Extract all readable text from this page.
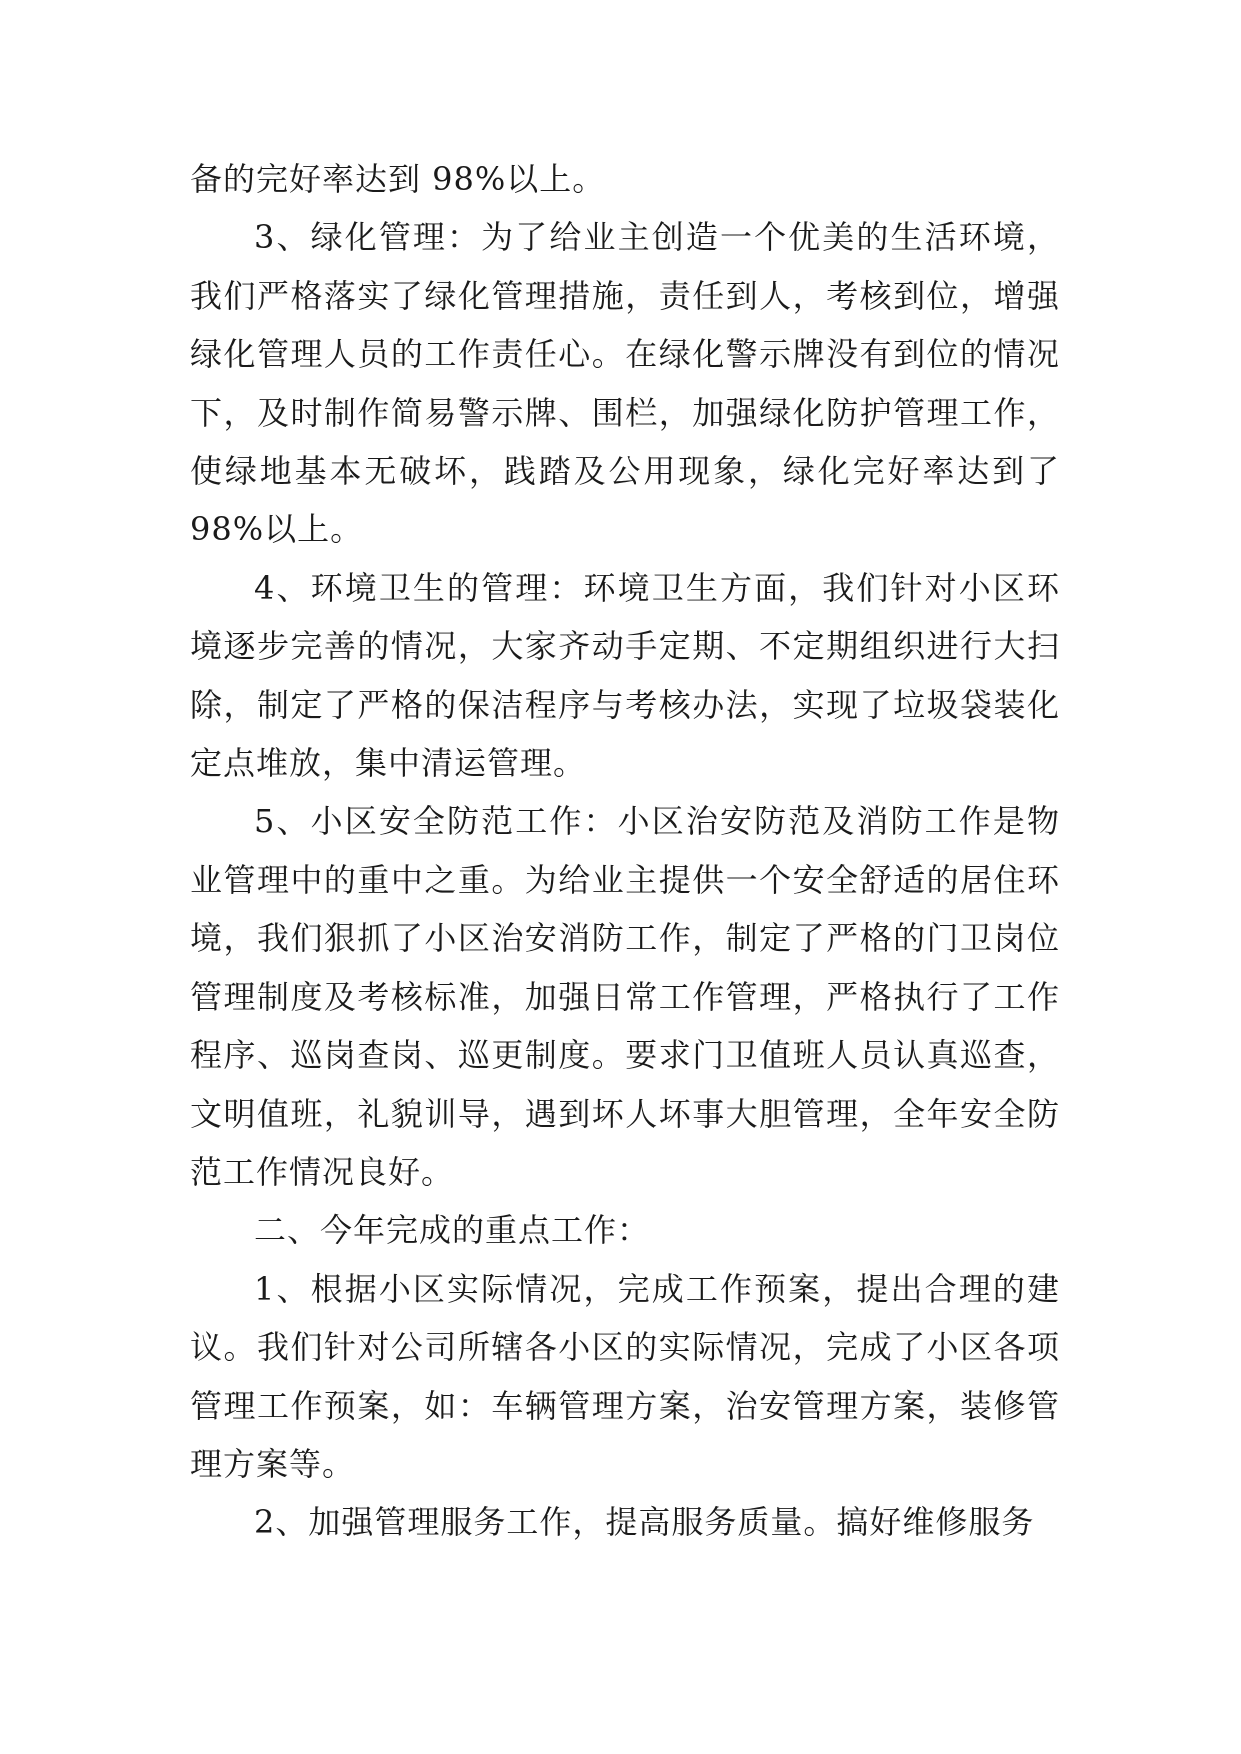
备的完好率达到 98%以上。

3、绿化管理：为了给业主创造一个优美的生活环境，我们严格落实了绿化管理措施，责任到人，考核到位，增强绿化管理人员的工作责任心。在绿化警示牌没有到位的情况下，及时制作简易警示牌、围栏，加强绿化防护管理工作，使绿地基本无破坏，践踏及公用现象，绿化完好率达到了 98%以上。

4、环境卫生的管理：环境卫生方面，我们针对小区环境逐步完善的情况，大家齐动手定期、不定期组织进行大扫除，制定了严格的保洁程序与考核办法，实现了垃圾袋装化定点堆放，集中清运管理。

5、小区安全防范工作：小区治安防范及消防工作是物业管理中的重中之重。为给业主提供一个安全舒适的居住环境，我们狠抓了小区治安消防工作，制定了严格的门卫岗位管理制度及考核标准，加强日常工作管理，严格执行了工作程序、巡岗查岗、巡更制度。要求门卫值班人员认真巡查，文明值班，礼貌训导，遇到坏人坏事大胆管理，全年安全防范工作情况良好。

二、今年完成的重点工作：

1、根据小区实际情况，完成工作预案，提出合理的建议。我们针对公司所辖各小区的实际情况，完成了小区各项管理工作预案，如：车辆管理方案，治安管理方案，装修管理方案等。

2、加强管理服务工作，提高服务质量。搞好维修服务
